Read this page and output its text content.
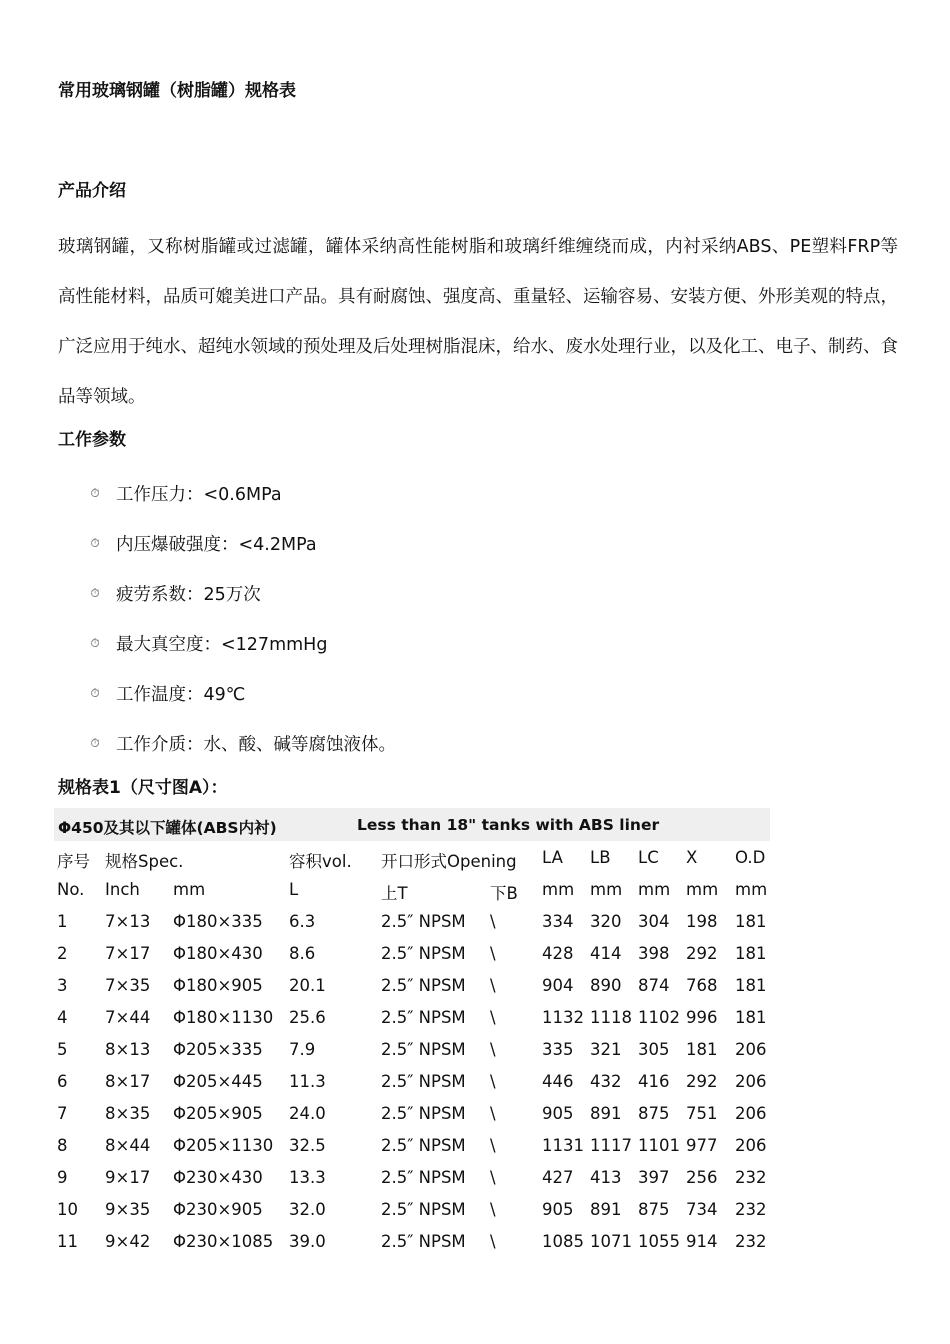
常用玻璃钢罐（树脂罐）规格表
产品介绍
玻璃钢罐，又称树脂罐或过滤罐，罐体采纳高性能树脂和玻璃纤维缠绕而成，内衬采纳ABS、PE塑料FRP等高性能材料，品质可媲美进口产品。具有耐腐蚀、强度高、重量轻、运输容易、安装方便、外形美观的特点，广泛应用于纯水、超纯水领域的预处理及后处理树脂混床，给水、废水处理行业，以及化工、电子、制药、食品等领域。
工作参数
⏱ 工作压力：<0.6MPa
⏱ 内压爆破强度：<4.2MPa
⏱ 疲劳系数：25万次
⏱ 最大真空度：<127mmHg
⏱ 工作温度：49℃
⏱ 工作介质：水、酸、碱等腐蚀液体。
规格表1（尺寸图A）：
Φ450及其以下罐体(ABS内衬)	Less than 18" tanks with ABS liner
序号 规格Spec.	容积vol. 开口形式Opening LA LB LC X O.D
No. Inch mm	L	上T	下B mm mm mm mm mm
1 7×13 Φ180×335 6.3	2.5″ NPSM \	334 320 304 198 181
2 7×17 Φ180×430 8.6	2.5″ NPSM \	428 414 398 292 181
3 7×35 Φ180×905 20.1	2.5″ NPSM \	904 890 874 768 181
4 7×44 Φ180×1130 25.6	2.5″ NPSM \	1132 1118 1102 996 181
5 8×13 Φ205×335 7.9	2.5″ NPSM \	335 321 305 181 206
6 8×17 Φ205×445 11.3	2.5″ NPSM \	446 432 416 292 206
7 8×35 Φ205×905 24.0	2.5″ NPSM \	905 891 875 751 206
8 8×44 Φ205×1130 32.5	2.5″ NPSM \	1131 1117 1101 977 206
9 9×17 Φ230×430 13.3	2.5″ NPSM \	427 413 397 256 232
10 9×35 Φ230×905 32.0	2.5″ NPSM \	905 891 875 734 232
11 9×42 Φ230×1085 39.0	2.5″ NPSM \	1085 1071 1055 914 232
